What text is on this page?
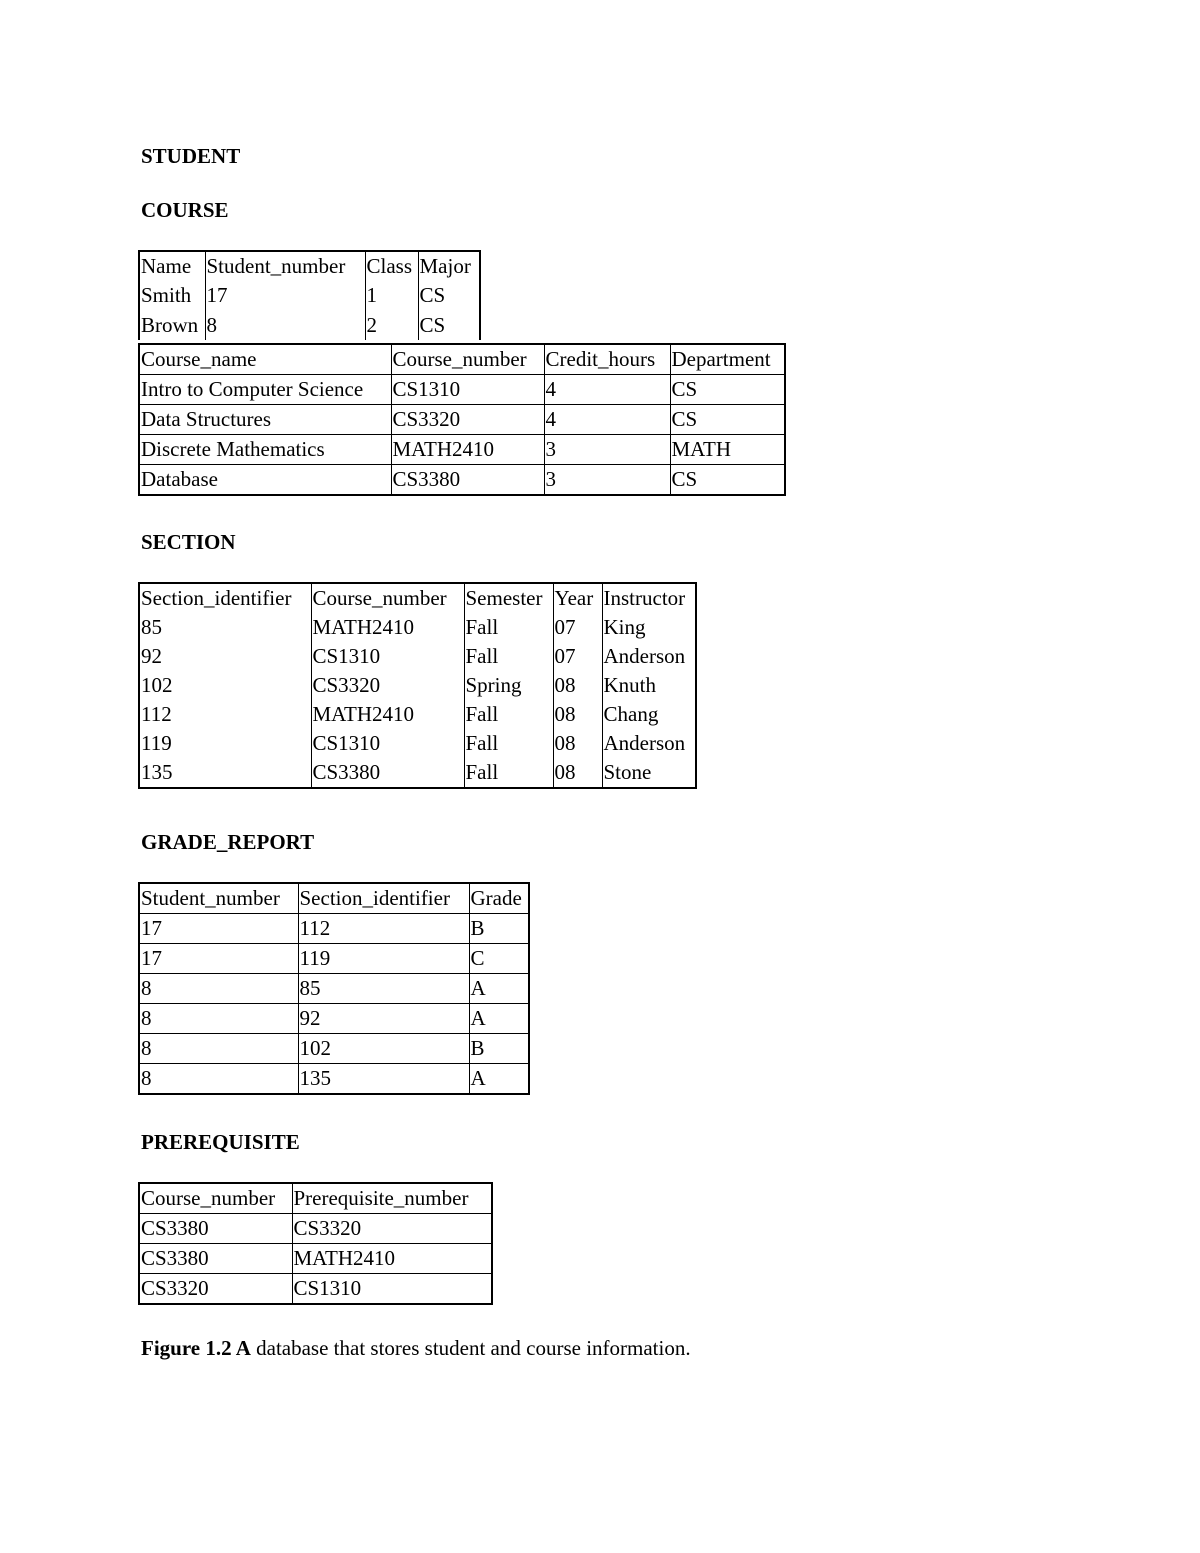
STUDENT
COURSE
Name	Student_number	Class	Major
Smith	17	1	CS
Brown	8	2	CS
Course_name	Course_number	Credit_hours	Department
Intro to Computer Science	CS1310	4	CS
Data Structures	CS3320	4	CS
Discrete Mathematics	MATH2410	3	MATH
Database	CS3380	3	CS
SECTION
Section_identifier	Course_number	Semester	Year	Instructor
85	MATH2410	Fall	07	King
92	CS1310	Fall	07	Anderson
102	CS3320	Spring	08	Knuth
112	MATH2410	Fall	08	Chang
119	CS1310	Fall	08	Anderson
135	CS3380	Fall	08	Stone
GRADE_REPORT
Student_number	Section_identifier	Grade
17	112	B
17	119	C
8	85	A
8	92	A
8	102	B
8	135	A
PREREQUISITE
Course_number	Prerequisite_number
CS3380	CS3320
CS3380	MATH2410
CS3320	CS1310
Figure 1.2 A database that stores student and course information.
